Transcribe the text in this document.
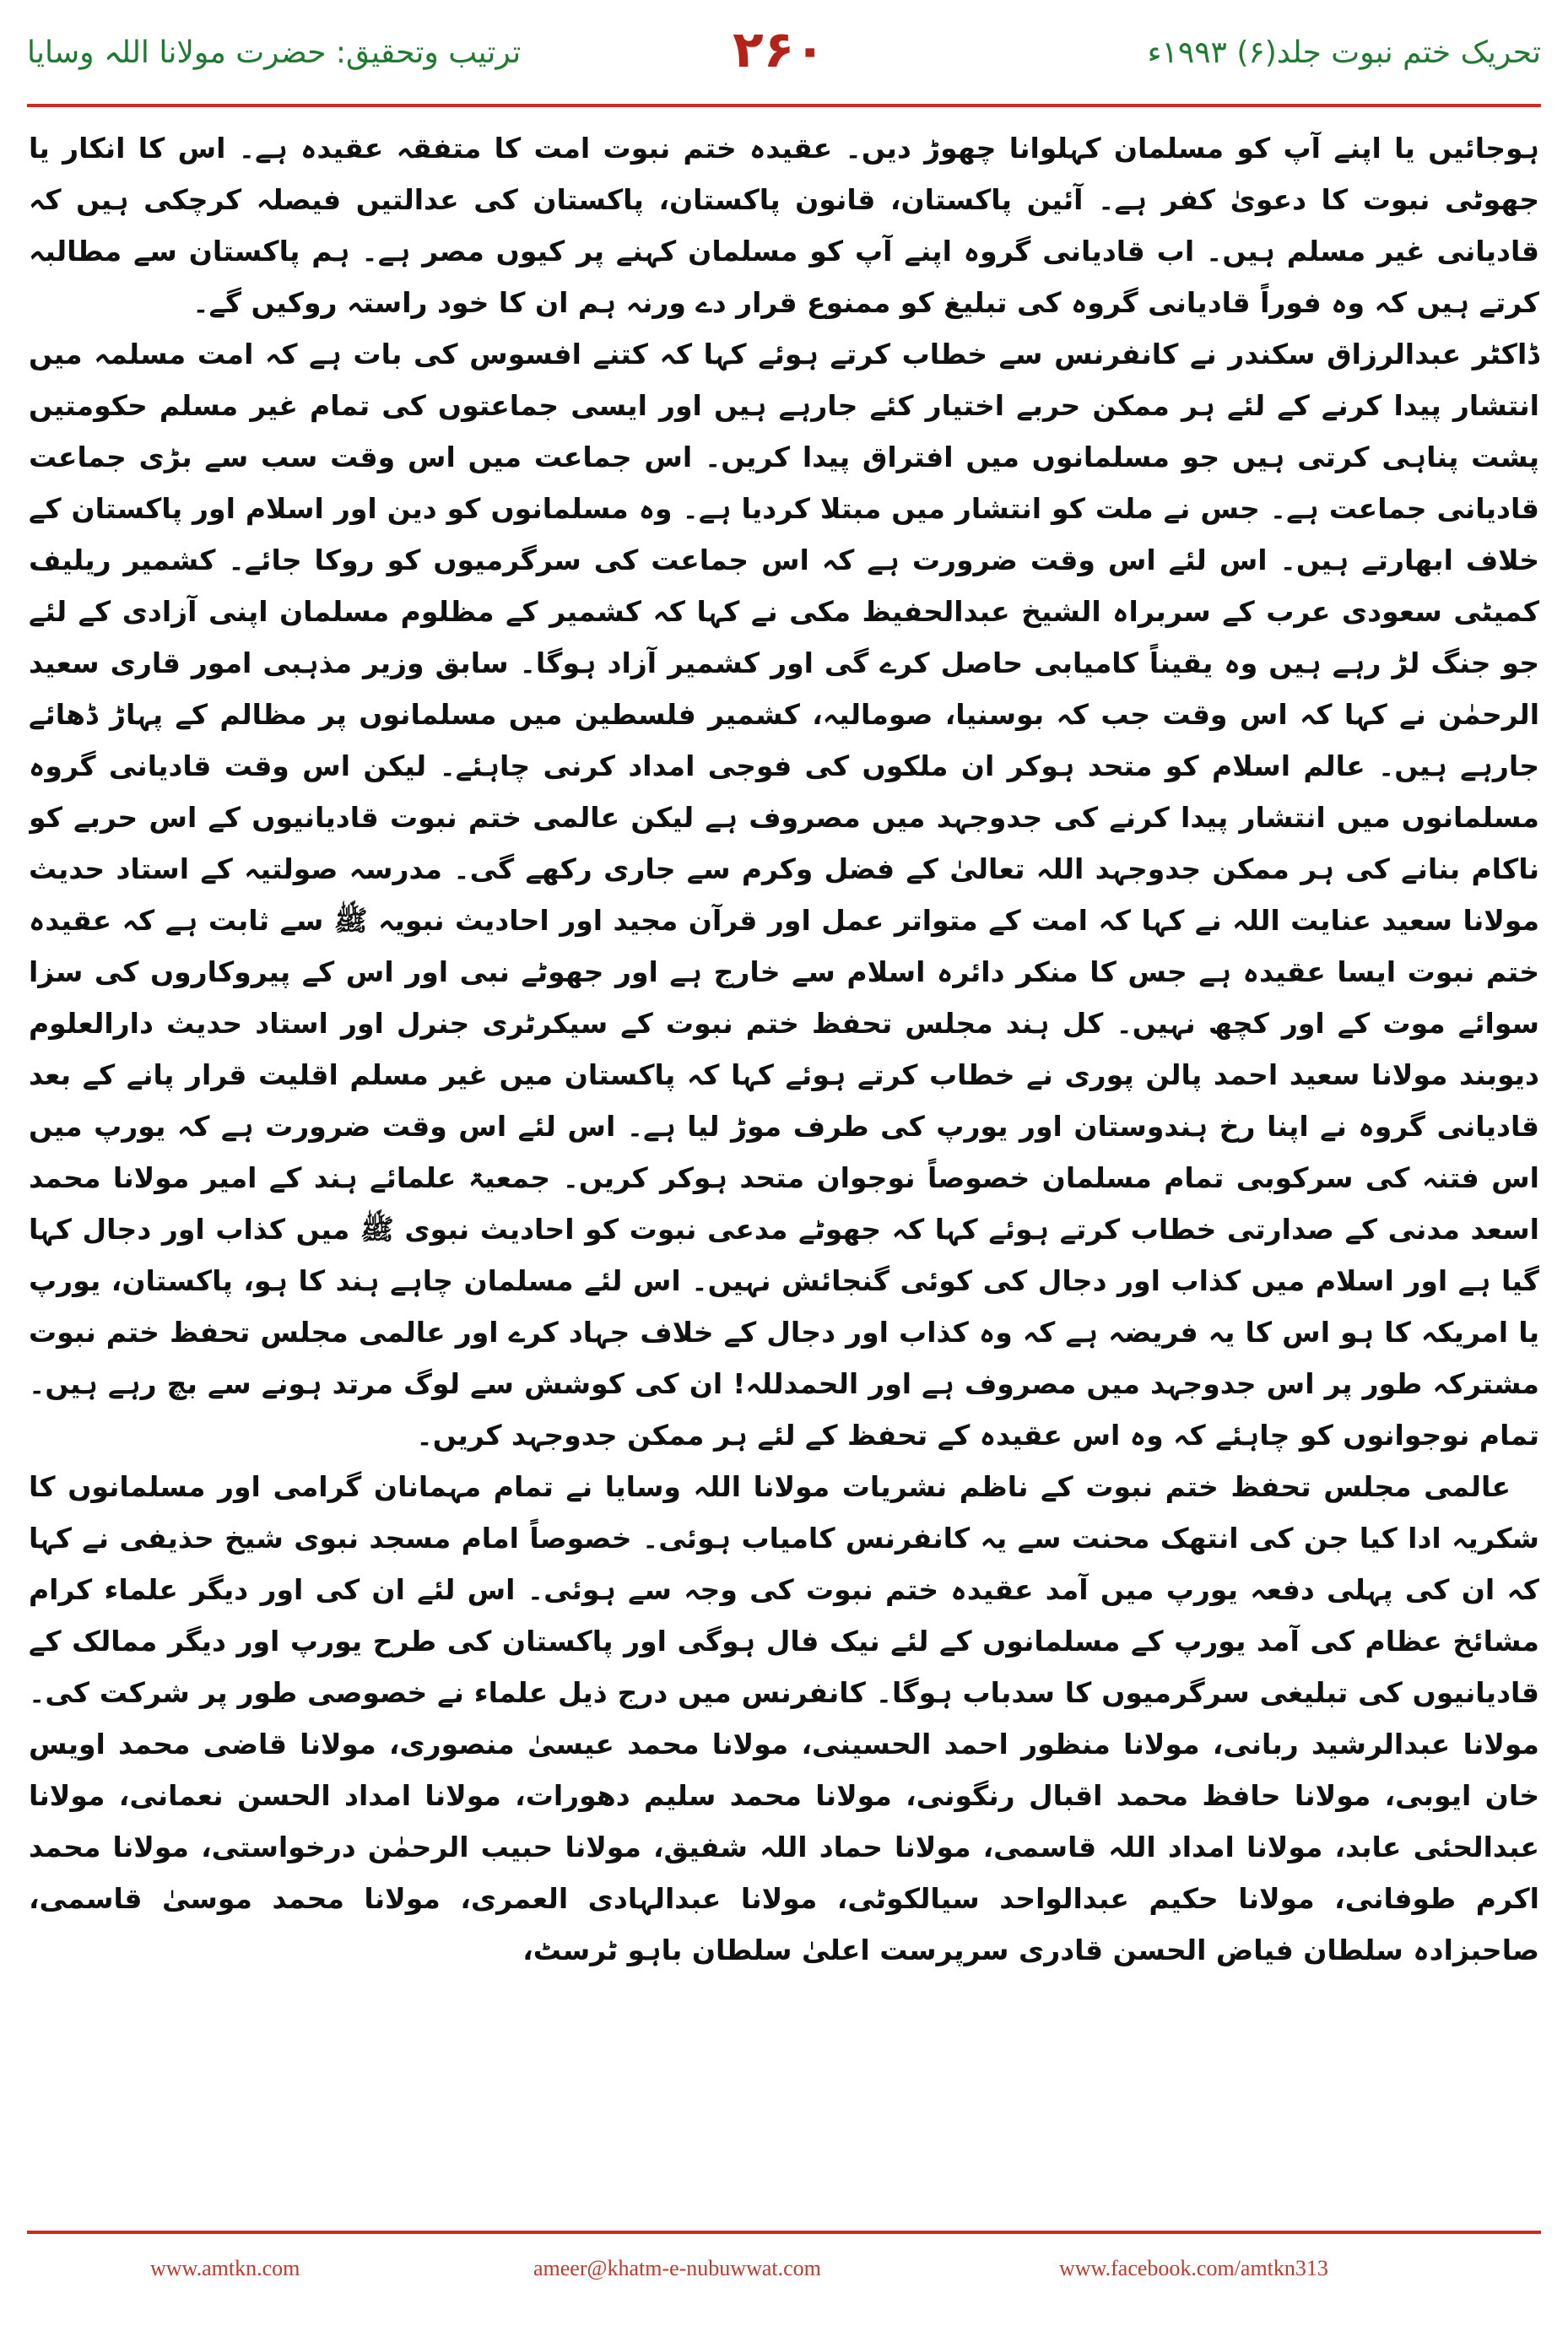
ترتیب وتحقیق: حضرت مولانا اللہ وسایا	۲۶۰	تحریک ختم نبوت جلد(۶) ۱۹۹۳ء

ہوجائیں یا اپنے آپ کو مسلمان کہلوانا چھوڑ دیں۔ عقیدہ ختم نبوت امت کا متفقہ عقیدہ ہے۔ اس کا انکار یا جھوٹی نبوت کا دعویٰ کفر ہے۔ آئین پاکستان، قانون پاکستان، پاکستان کی عدالتیں فیصلہ کرچکی ہیں کہ قادیانی غیر مسلم ہیں۔ اب قادیانی گروہ اپنے آپ کو مسلمان کہنے پر کیوں مصر ہے۔ ہم پاکستان سے مطالبہ کرتے ہیں کہ وہ فوراً قادیانی گروہ کی تبلیغ کو ممنوع قرار دے ورنہ ہم ان کا خود راستہ روکیں گے۔

ڈاکٹر عبدالرزاق سکندر نے کانفرنس سے خطاب کرتے ہوئے کہا کہ کتنے افسوس کی بات ہے کہ امت مسلمہ میں انتشار پیدا کرنے کے لئے ہر ممکن حربے اختیار کئے جارہے ہیں اور ایسی جماعتوں کی تمام غیر مسلم حکومتیں پشت پناہی کرتی ہیں جو مسلمانوں میں افتراق پیدا کریں۔ اس جماعت میں اس وقت سب سے بڑی جماعت قادیانی جماعت ہے۔ جس نے ملت کو انتشار میں مبتلا کردیا ہے۔ وہ مسلمانوں کو دین اور اسلام اور پاکستان کے خلاف ابھارتے ہیں۔ اس لئے اس وقت ضرورت ہے کہ اس جماعت کی سرگرمیوں کو روکا جائے۔ کشمیر ریلیف کمیٹی سعودی عرب کے سربراہ الشیخ عبدالحفیظ مکی نے کہا کہ کشمیر کے مظلوم مسلمان اپنی آزادی کے لئے جو جنگ لڑ رہے ہیں وہ یقیناً کامیابی حاصل کرے گی اور کشمیر آزاد ہوگا۔ سابق وزیر مذہبی امور قاری سعید الرحمٰن نے کہا کہ اس وقت جب کہ بوسنیا، صومالیہ، کشمیر فلسطین میں مسلمانوں پر مظالم کے پہاڑ ڈھائے جارہے ہیں۔ عالم اسلام کو متحد ہوکر ان ملکوں کی فوجی امداد کرنی چاہئے۔ لیکن اس وقت قادیانی گروہ مسلمانوں میں انتشار پیدا کرنے کی جدوجہد میں مصروف ہے لیکن عالمی ختم نبوت قادیانیوں کے اس حربے کو ناکام بنانے کی ہر ممکن جدوجہد اللہ تعالیٰ کے فضل وکرم سے جاری رکھے گی۔ مدرسہ صولتیہ کے استاد حدیث مولانا سعید عنایت اللہ نے کہا کہ امت کے متواتر عمل اور قرآن مجید اور احادیث نبویہ ﷺ سے ثابت ہے کہ عقیدہ ختم نبوت ایسا عقیدہ ہے جس کا منکر دائرہ اسلام سے خارج ہے اور جھوٹے نبی اور اس کے پیروکاروں کی سزا سوائے موت کے اور کچھ نہیں۔ کل ہند مجلس تحفظ ختم نبوت کے سیکرٹری جنرل اور استاد حدیث دارالعلوم دیوبند مولانا سعید احمد پالن پوری نے خطاب کرتے ہوئے کہا کہ پاکستان میں غیر مسلم اقلیت قرار پانے کے بعد قادیانی گروہ نے اپنا رخ ہندوستان اور یورپ کی طرف موڑ لیا ہے۔ اس لئے اس وقت ضرورت ہے کہ یورپ میں اس فتنہ کی سرکوبی تمام مسلمان خصوصاً نوجوان متحد ہوکر کریں۔ جمعیۃ علمائے ہند کے امیر مولانا محمد اسعد مدنی کے صدارتی خطاب کرتے ہوئے کہا کہ جھوٹے مدعی نبوت کو احادیث نبوی ﷺ میں کذاب اور دجال کہا گیا ہے اور اسلام میں کذاب اور دجال کی کوئی گنجائش نہیں۔ اس لئے مسلمان چاہے ہند کا ہو، پاکستان، یورپ یا امریکہ کا ہو اس کا یہ فریضہ ہے کہ وہ کذاب اور دجال کے خلاف جہاد کرے اور عالمی مجلس تحفظ ختم نبوت مشترکہ طور پر اس جدوجہد میں مصروف ہے اور الحمدللہ! ان کی کوشش سے لوگ مرتد ہونے سے بچ رہے ہیں۔ تمام نوجوانوں کو چاہئے کہ وہ اس عقیدہ کے تحفظ کے لئے ہر ممکن جدوجہد کریں۔

عالمی مجلس تحفظ ختم نبوت کے ناظم نشریات مولانا اللہ وسایا نے تمام مہمانان گرامی اور مسلمانوں کا شکریہ ادا کیا جن کی انتھک محنت سے یہ کانفرنس کامیاب ہوئی۔ خصوصاً امام مسجد نبوی شیخ حذیفی نے کہا کہ ان کی پہلی دفعہ یورپ میں آمد عقیدہ ختم نبوت کی وجہ سے ہوئی۔ اس لئے ان کی اور دیگر علماء کرام مشائخ عظام کی آمد یورپ کے مسلمانوں کے لئے نیک فال ہوگی اور پاکستان کی طرح یورپ اور دیگر ممالک کے قادیانیوں کی تبلیغی سرگرمیوں کا سدباب ہوگا۔ کانفرنس میں درج ذیل علماء نے خصوصی طور پر شرکت کی۔ مولانا عبدالرشید ربانی، مولانا منظور احمد الحسینی، مولانا محمد عیسیٰ منصوری، مولانا قاضی محمد اویس خان ایوبی، مولانا حافظ محمد اقبال رنگونی، مولانا محمد سلیم دھورات، مولانا امداد الحسن نعمانی، مولانا عبدالحئی عابد، مولانا امداد اللہ قاسمی، مولانا حماد اللہ شفیق، مولانا حبیب الرحمٰن درخواستی، مولانا محمد اکرم طوفانی، مولانا حکیم عبدالواحد سیالکوٹی، مولانا عبدالہادی العمری، مولانا محمد موسیٰ قاسمی، صاحبزادہ سلطان فیاض الحسن قادری سرپرست اعلیٰ سلطان باہو ٹرسٹ،

www.amtkn.com	ameer@khatm-e-nubuwwat.com	www.facebook.com/amtkn313
